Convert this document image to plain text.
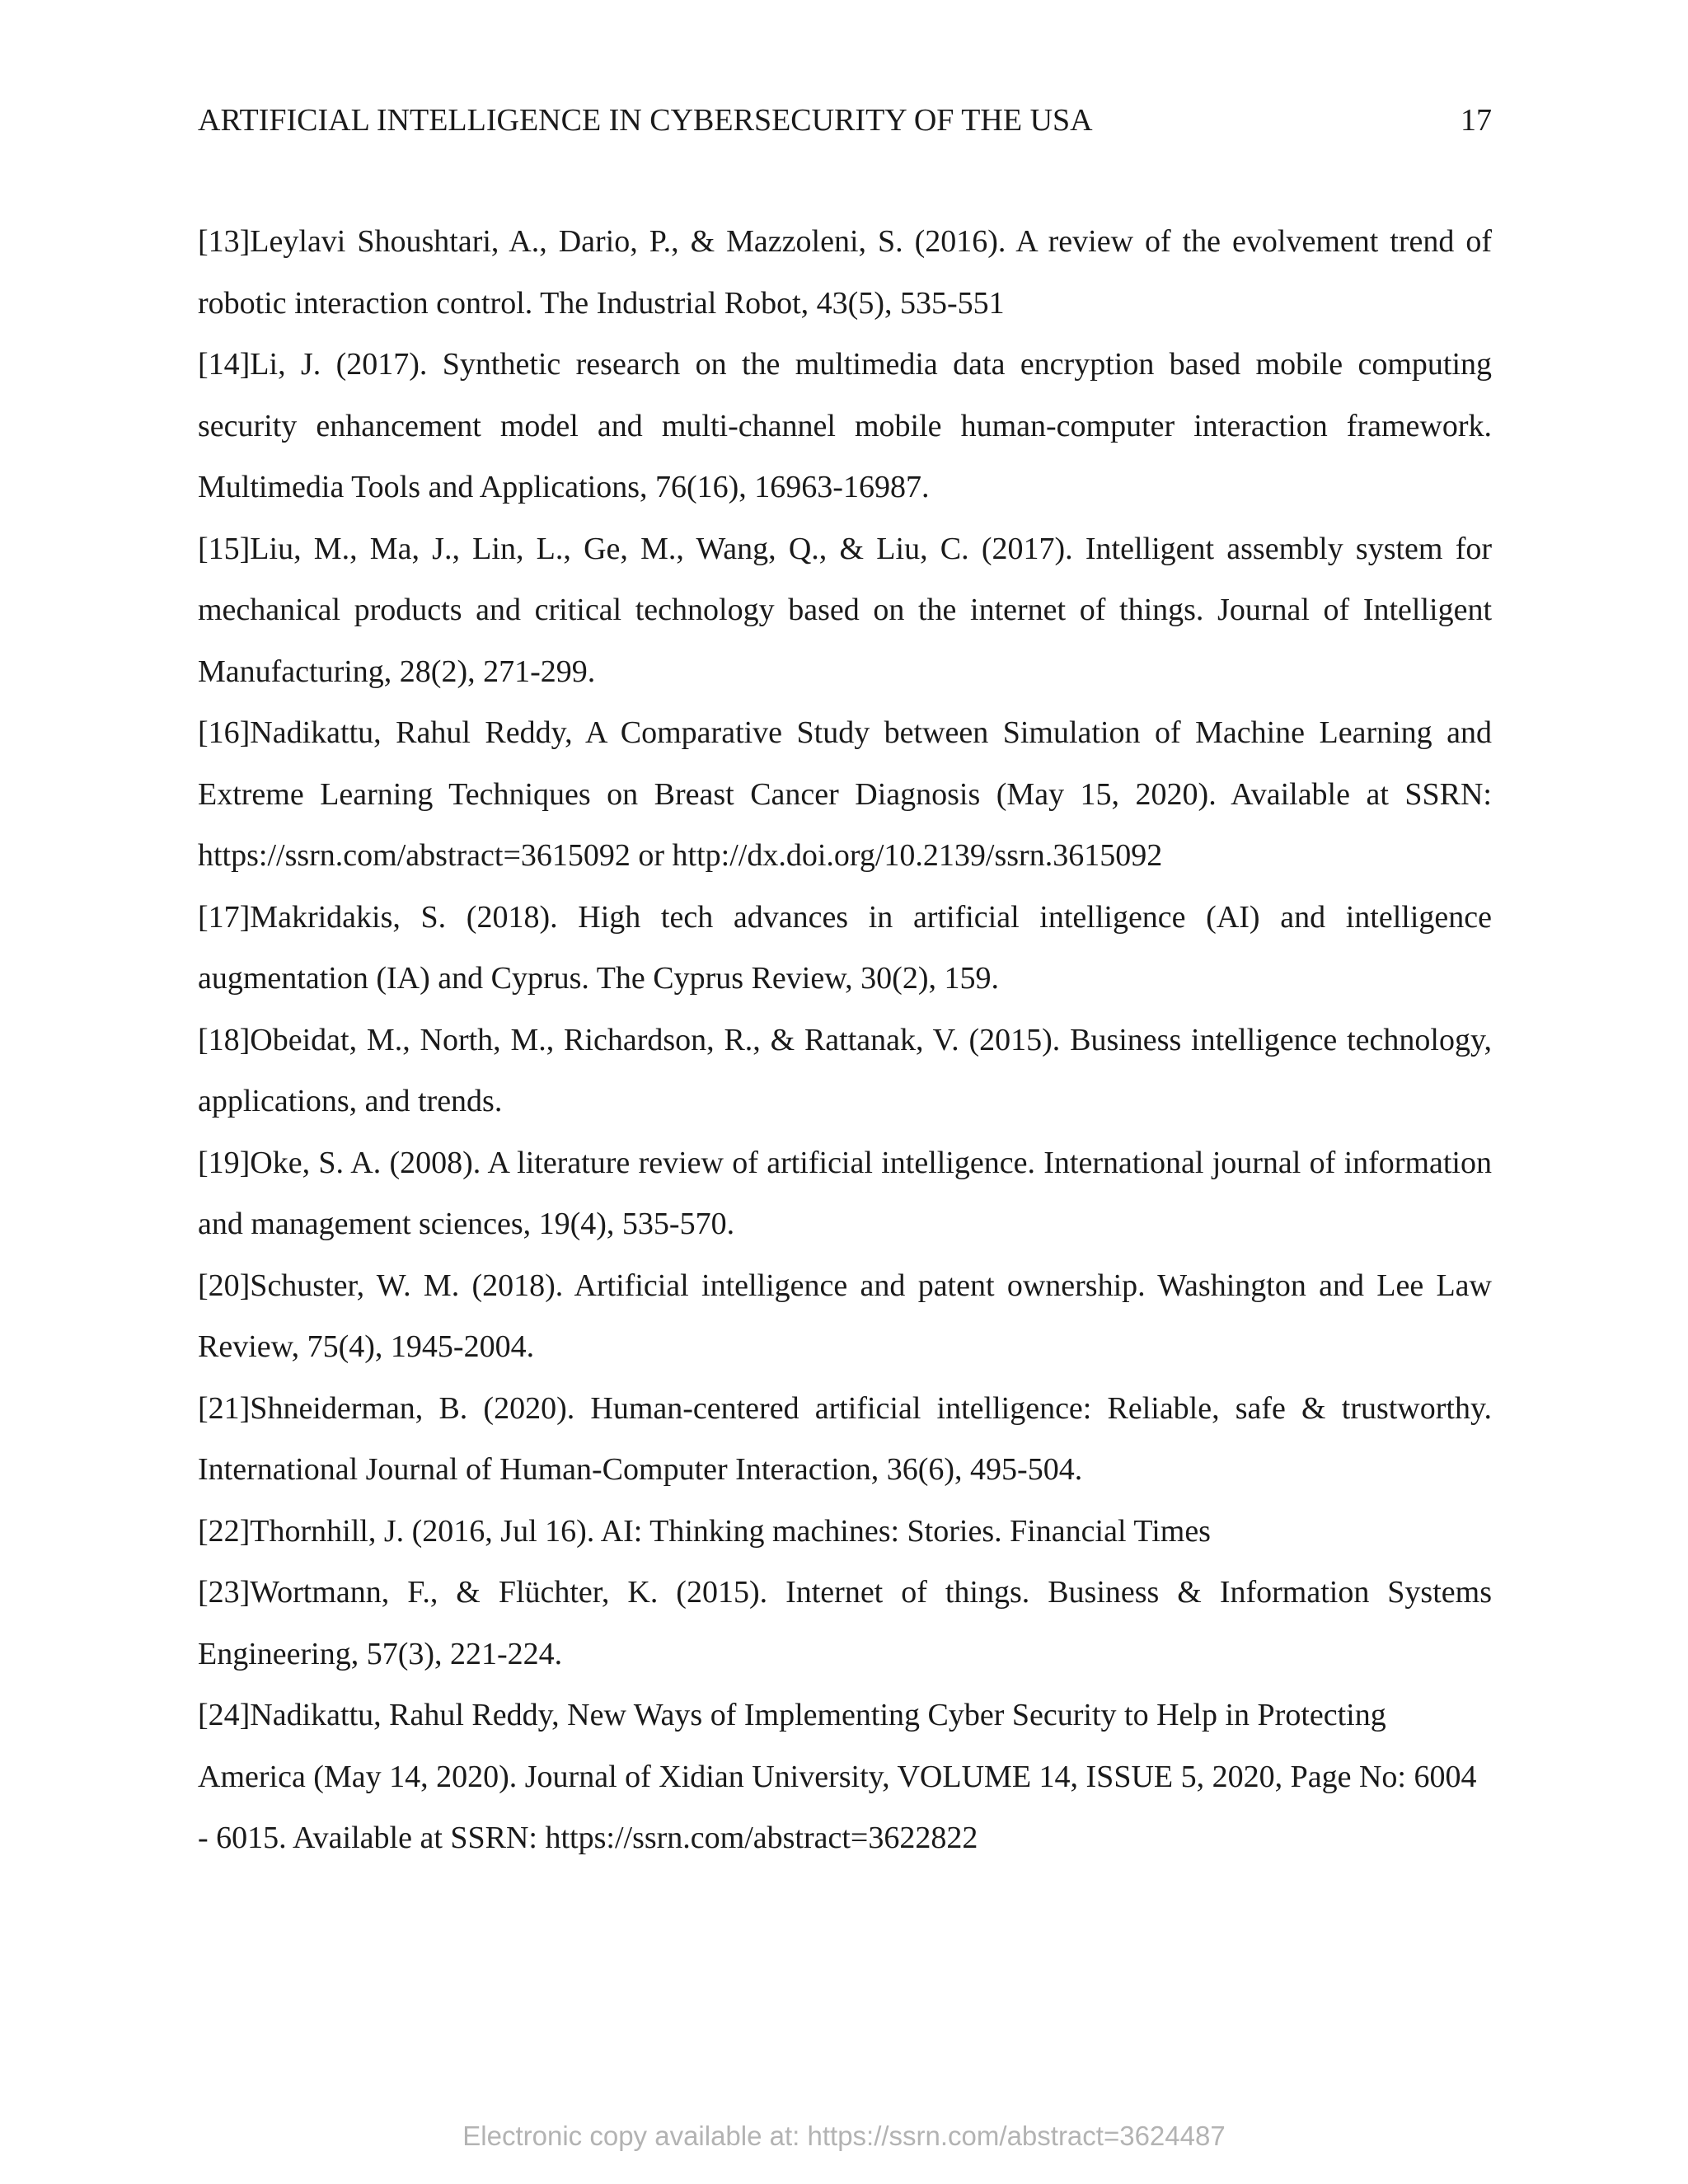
ARTIFICIAL INTELLIGENCE IN CYBERSECURITY OF THE USA	17
[13]Leylavi Shoushtari, A., Dario, P., & Mazzoleni, S. (2016). A review of the evolvement trend of robotic interaction control. The Industrial Robot, 43(5), 535-551
[14]Li, J. (2017). Synthetic research on the multimedia data encryption based mobile computing security enhancement model and multi-channel mobile human-computer interaction framework. Multimedia Tools and Applications, 76(16), 16963-16987.
[15]Liu, M., Ma, J., Lin, L., Ge, M., Wang, Q., & Liu, C. (2017). Intelligent assembly system for mechanical products and critical technology based on the internet of things. Journal of Intelligent Manufacturing, 28(2), 271-299.
[16]Nadikattu, Rahul Reddy, A Comparative Study between Simulation of Machine Learning and Extreme Learning Techniques on Breast Cancer Diagnosis (May 15, 2020). Available at SSRN: https://ssrn.com/abstract=3615092 or http://dx.doi.org/10.2139/ssrn.3615092
[17]Makridakis, S. (2018). High tech advances in artificial intelligence (AI) and intelligence augmentation (IA) and Cyprus. The Cyprus Review, 30(2), 159.
[18]Obeidat, M., North, M., Richardson, R., & Rattanak, V. (2015). Business intelligence technology, applications, and trends.
[19]Oke, S. A. (2008). A literature review of artificial intelligence. International journal of information and management sciences, 19(4), 535-570.
[20]Schuster, W. M. (2018). Artificial intelligence and patent ownership. Washington and Lee Law Review, 75(4), 1945-2004.
[21]Shneiderman, B. (2020). Human-centered artificial intelligence: Reliable, safe & trustworthy. International Journal of Human-Computer Interaction, 36(6), 495-504.
[22]Thornhill, J. (2016, Jul 16). AI: Thinking machines: Stories. Financial Times
[23]Wortmann, F., & Flüchter, K. (2015). Internet of things. Business & Information Systems Engineering, 57(3), 221-224.
[24]Nadikattu, Rahul Reddy, New Ways of Implementing Cyber Security to Help in Protecting America (May 14, 2020). Journal of Xidian University, VOLUME 14, ISSUE 5, 2020, Page No: 6004 - 6015. Available at SSRN: https://ssrn.com/abstract=3622822
Electronic copy available at: https://ssrn.com/abstract=3624487
